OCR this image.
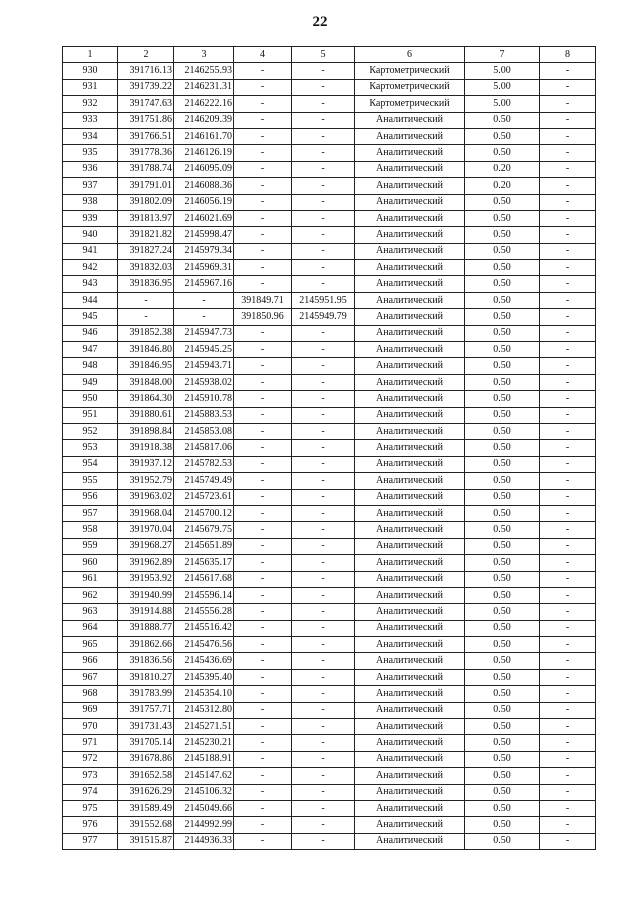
22
1	2	3	4	5	6	7	8
930	391716.13	2146255.93	-	-	Картометрический	5.00	-
931	391739.22	2146231.31	-	-	Картометрический	5.00	-
932	391747.63	2146222.16	-	-	Картометрический	5.00	-
933	391751.86	2146209.39	-	-	Аналитический	0.50	-
934	391766.51	2146161.70	-	-	Аналитический	0.50	-
935	391778.36	2146126.19	-	-	Аналитический	0.50	-
936	391788.74	2146095.09	-	-	Аналитический	0.20	-
937	391791.01	2146088.36	-	-	Аналитический	0.20	-
938	391802.09	2146056.19	-	-	Аналитический	0.50	-
939	391813.97	2146021.69	-	-	Аналитический	0.50	-
940	391821.82	2145998.47	-	-	Аналитический	0.50	-
941	391827.24	2145979.34	-	-	Аналитический	0.50	-
942	391832.03	2145969.31	-	-	Аналитический	0.50	-
943	391836.95	2145967.16	-	-	Аналитический	0.50	-
944	-	-	391849.71	2145951.95	Аналитический	0.50	-
945	-	-	391850.96	2145949.79	Аналитический	0.50	-
946	391852.38	2145947.73	-	-	Аналитический	0.50	-
947	391846.80	2145945.25	-	-	Аналитический	0.50	-
948	391846.95	2145943.71	-	-	Аналитический	0.50	-
949	391848.00	2145938.02	-	-	Аналитический	0.50	-
950	391864.30	2145910.78	-	-	Аналитический	0.50	-
951	391880.61	2145883.53	-	-	Аналитический	0.50	-
952	391898.84	2145853.08	-	-	Аналитический	0.50	-
953	391918.38	2145817.06	-	-	Аналитический	0.50	-
954	391937.12	2145782.53	-	-	Аналитический	0.50	-
955	391952.79	2145749.49	-	-	Аналитический	0.50	-
956	391963.02	2145723.61	-	-	Аналитический	0.50	-
957	391968.04	2145700.12	-	-	Аналитический	0.50	-
958	391970.04	2145679.75	-	-	Аналитический	0.50	-
959	391968.27	2145651.89	-	-	Аналитический	0.50	-
960	391962.89	2145635.17	-	-	Аналитический	0.50	-
961	391953.92	2145617.68	-	-	Аналитический	0.50	-
962	391940.99	2145596.14	-	-	Аналитический	0.50	-
963	391914.88	2145556.28	-	-	Аналитический	0.50	-
964	391888.77	2145516.42	-	-	Аналитический	0.50	-
965	391862.66	2145476.56	-	-	Аналитический	0.50	-
966	391836.56	2145436.69	-	-	Аналитический	0.50	-
967	391810.27	2145395.40	-	-	Аналитический	0.50	-
968	391783.99	2145354.10	-	-	Аналитический	0.50	-
969	391757.71	2145312.80	-	-	Аналитический	0.50	-
970	391731.43	2145271.51	-	-	Аналитический	0.50	-
971	391705.14	2145230.21	-	-	Аналитический	0.50	-
972	391678.86	2145188.91	-	-	Аналитический	0.50	-
973	391652.58	2145147.62	-	-	Аналитический	0.50	-
974	391626.29	2145106.32	-	-	Аналитический	0.50	-
975	391589.49	2145049.66	-	-	Аналитический	0.50	-
976	391552.68	2144992.99	-	-	Аналитический	0.50	-
977	391515.87	2144936.33	-	-	Аналитический	0.50	-
